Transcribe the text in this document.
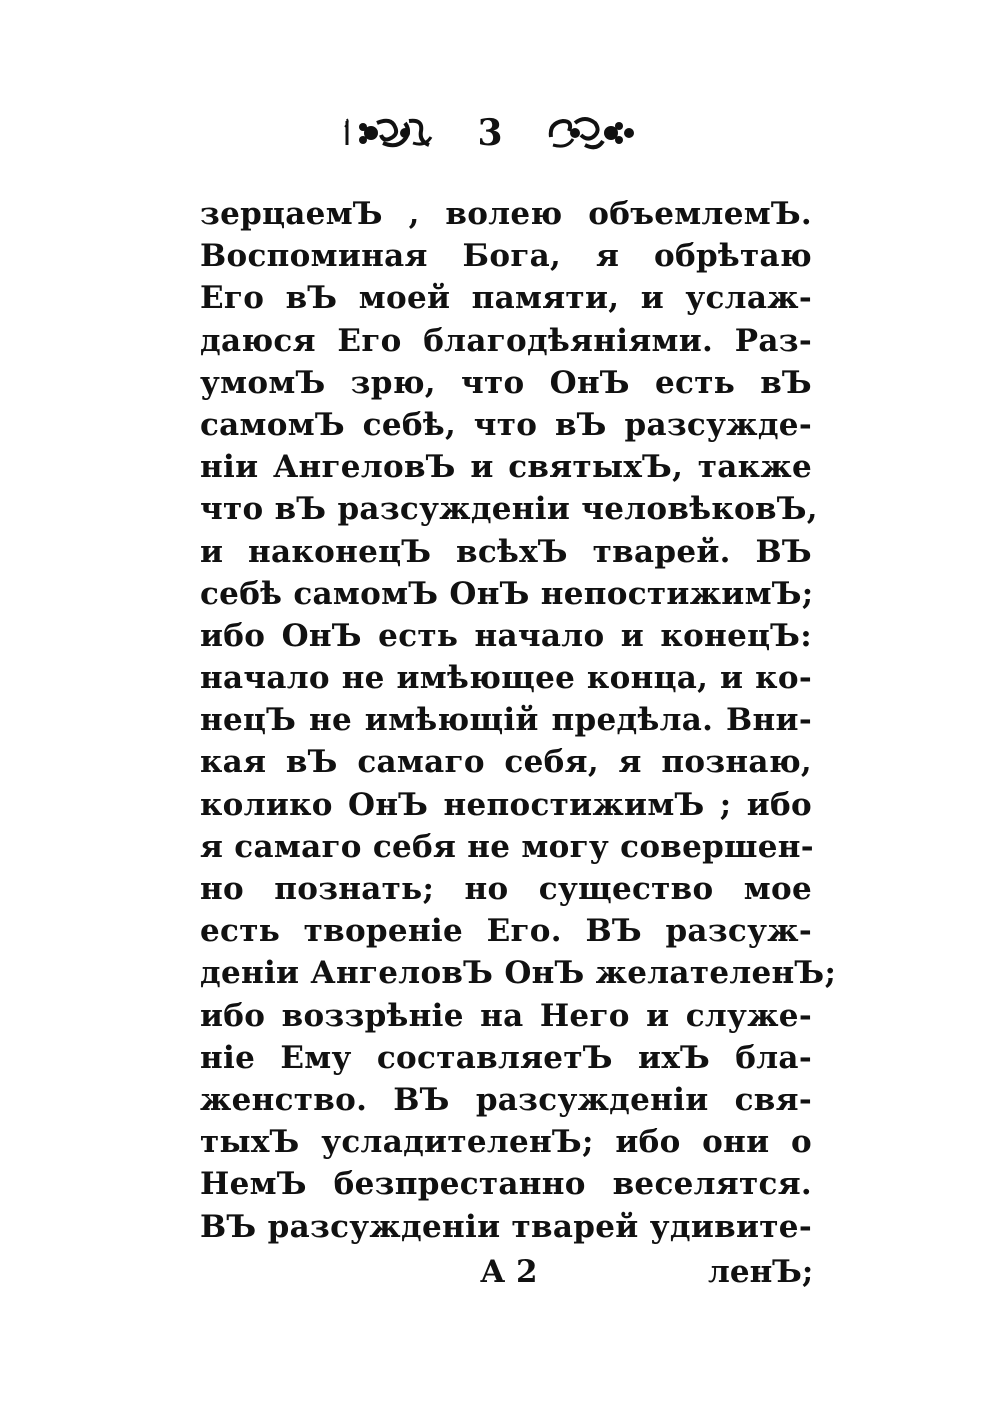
3
зерцаемЪ , волею объемлемЪ.
Воспоминая Бога, я обрѣтаю
Его вЪ моей памяти, и услаж-
даюся Его благодѣяніями. Раз-
умомЪ зрю, что ОнЪ есть вЪ
самомЪ себѣ, что вЪ разсужде-
ніи АнгеловЪ и святыхЪ, также
что вЪ разсужденіи человѣковЪ,
и наконецЪ всѣхЪ тварей. ВЪ
себѣ самомЪ ОнЪ непостижимЪ;
ибо ОнЪ есть начало и конецЪ:
начало не имѣющее конца, и ко-
нецЪ не имѣющій предѣла. Вни-
кая вЪ самаго себя, я познаю,
колико ОнЪ непостижимЪ ; ибо
я самаго себя не могу совершен-
но познать; но существо мое
есть твореніе Его. ВЪ разсуж-
деніи АнгеловЪ ОнЪ желателенЪ;
ибо воззрѣніе на Него и служе-
ніе Ему составляетЪ ихЪ бла-
женство. ВЪ разсужденіи свя-
тыхЪ усладителенЪ; ибо они о
НемЪ безпрестанно веселятся.
ВЪ разсужденіи тварей удивите-
А 2	ленЪ;
